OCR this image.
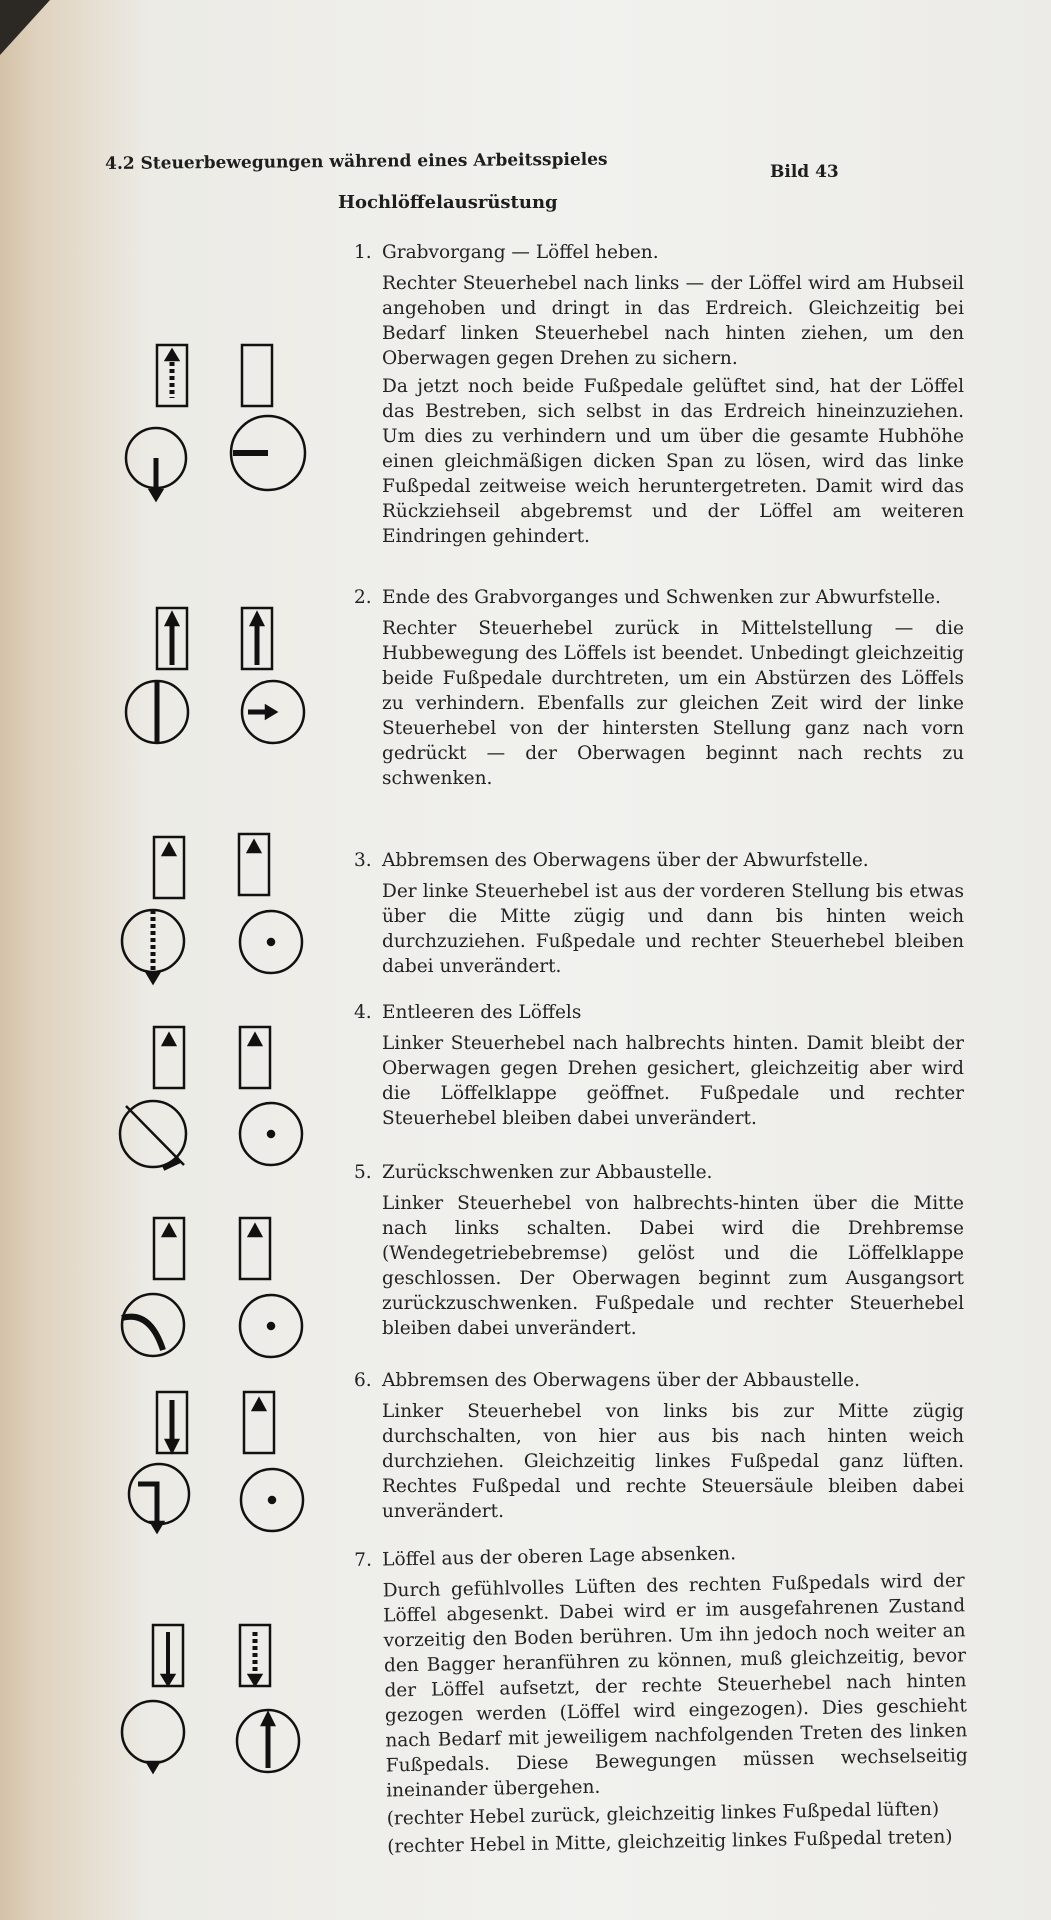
4.2 Steuerbewegungen während eines Arbeitsspieles	Bild 43
Hochlöffelausrüstung
1. Grabvorgang — Löffel heben.

Rechter Steuerhebel nach links — der Löffel wird am Hubseil angehoben und dringt in das Erdreich. Gleichzeitig bei Bedarf linken Steuerhebel nach hinten ziehen, um den Oberwagen gegen Drehen zu sichern.

Da jetzt noch beide Fußpedale gelüftet sind, hat der Löffel das Bestreben, sich selbst in das Erdreich hineinzuziehen. Um dies zu verhindern und um über die gesamte Hubhöhe einen gleichmäßigen dicken Span zu lösen, wird das linke Fußpedal zeitweise weich heruntergetreten. Damit wird das Rückziehseil abgebremst und der Löffel am weiteren Eindringen gehindert.

2. Ende des Grabvorganges und Schwenken zur Abwurfstelle.

Rechter Steuerhebel zurück in Mittelstellung — die Hubbewegung des Löffels ist beendet. Unbedingt gleichzeitig beide Fußpedale durchtreten, um ein Abstürzen des Löffels zu verhindern. Ebenfalls zur gleichen Zeit wird der linke Steuerhebel von der hintersten Stellung ganz nach vorn gedrückt — der Oberwagen beginnt nach rechts zu schwenken.

3. Abbremsen des Oberwagens über der Abwurfstelle.

Der linke Steuerhebel ist aus der vorderen Stellung bis etwas über die Mitte zügig und dann bis hinten weich durchzuziehen. Fußpedale und rechter Steuerhebel bleiben dabei unverändert.

4. Entleeren des Löffels

Linker Steuerhebel nach halbrechts hinten. Damit bleibt der Oberwagen gegen Drehen gesichert, gleichzeitig aber wird die Löffelklappe geöffnet. Fußpedale und rechter Steuerhebel bleiben dabei unverändert.

5. Zurückschwenken zur Abbaustelle.

Linker Steuerhebel von halbrechts-hinten über die Mitte nach links schalten. Dabei wird die Drehbremse (Wendegetriebebremse) gelöst und die Löffelklappe geschlossen. Der Oberwagen beginnt zum Ausgangsort zurückzuschwenken. Fußpedale und rechter Steuerhebel bleiben dabei unverändert.

6. Abbremsen des Oberwagens über der Abbaustelle.

Linker Steuerhebel von links bis zur Mitte zügig durchschalten, von hier aus bis nach hinten weich durchziehen. Gleichzeitig linkes Fußpedal ganz lüften. Rechtes Fußpedal und rechte Steuersäule bleiben dabei unverändert.

7. Löffel aus der oberen Lage absenken.

Durch gefühlvolles Lüften des rechten Fußpedals wird der Löffel abgesenkt. Dabei wird er im ausgefahrenen Zustand vorzeitig den Boden berühren. Um ihn jedoch noch weiter an den Bagger heranführen zu können, muß gleichzeitig, bevor der Löffel aufsetzt, der rechte Steuerhebel nach hinten gezogen werden (Löffel wird eingezogen). Dies geschieht nach Bedarf mit jeweiligem nachfolgenden Treten des linken Fußpedals. Diese Bewegungen müssen wechselseitig ineinander übergehen.

(rechter Hebel zurück, gleichzeitig linkes Fußpedal lüften)

(rechter Hebel in Mitte, gleichzeitig linkes Fußpedal treten)
